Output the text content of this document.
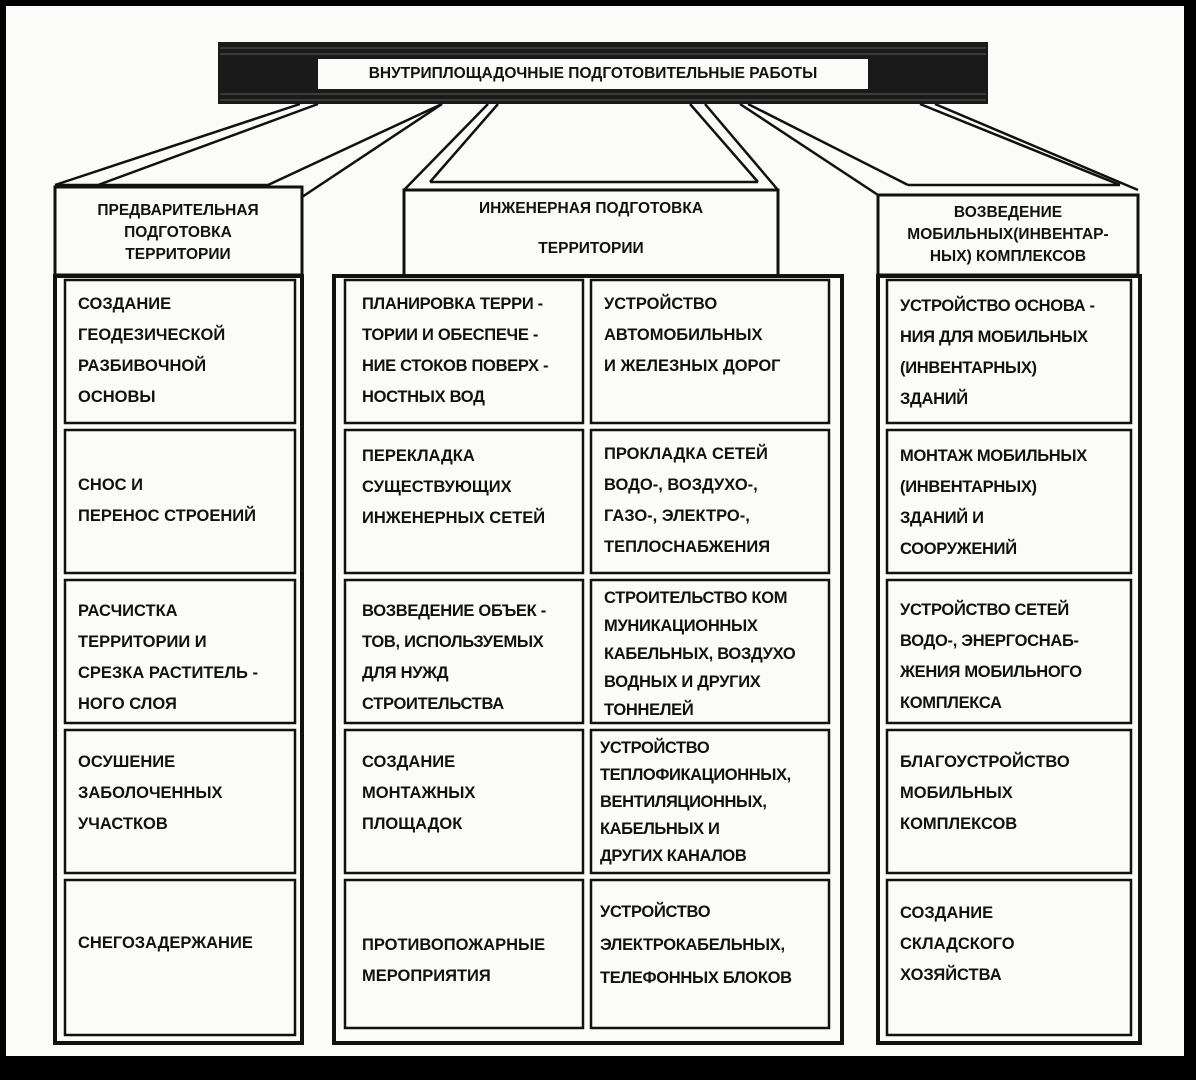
ВНУТРИПЛОЩАДОЧНЫЕ ПОДГОТОВИТЕЛЬНЫЕ РАБОТЫ
ПРЕДВАРИТЕЛЬНАЯ
ПОДГОТОВКА
ТЕРРИТОРИИ
ИНЖЕНЕРНАЯ ПОДГОТОВКА

ТЕРРИТОРИИ
ВОЗВЕДЕНИЕ
МОБИЛЬНЫХ(ИНВЕНТАР-
НЫХ) КОМПЛЕКСОВ
СОЗДАНИЕ
ГЕОДЕЗИЧЕСКОЙ
РАЗБИВОЧНОЙ
ОСНОВЫ
СНОС И
ПЕРЕНОС СТРОЕНИЙ
РАСЧИСТКА
ТЕРРИТОРИИ И
СРЕЗКА РАСТИТЕЛЬ -
НОГО СЛОЯ
ОСУШЕНИЕ
ЗАБОЛОЧЕННЫХ
УЧАСТКОВ
СНЕГОЗАДЕРЖАНИЕ
ПЛАНИРОВКА ТЕРРИ -
ТОРИИ И ОБЕСПЕЧЕ -
НИЕ СТОКОВ ПОВЕРХ -
НОСТНЫХ ВОД
ПЕРЕКЛАДКА
СУЩЕСТВУЮЩИХ
ИНЖЕНЕРНЫХ СЕТЕЙ
ВОЗВЕДЕНИЕ ОБЪЕК -
ТОВ, ИСПОЛЬЗУЕМЫХ
ДЛЯ НУЖД
СТРОИТЕЛЬСТВА
СОЗДАНИЕ
МОНТАЖНЫХ
ПЛОЩАДОК
ПРОТИВОПОЖАРНЫЕ
МЕРОПРИЯТИЯ
УСТРОЙСТВО
АВТОМОБИЛЬНЫХ
И ЖЕЛЕЗНЫХ ДОРОГ
ПРОКЛАДКА СЕТЕЙ
ВОДО-, ВОЗДУХО-,
ГАЗО-, ЭЛЕКТРО-,
ТЕПЛОСНАБЖЕНИЯ
СТРОИТЕЛЬСТВО КОМ
МУНИКАЦИОННЫХ
КАБЕЛЬНЫХ, ВОЗДУХО
ВОДНЫХ И ДРУГИХ
ТОННЕЛЕЙ
УСТРОЙСТВО
ТЕПЛОФИКАЦИОННЫХ,
ВЕНТИЛЯЦИОННЫХ,
КАБЕЛЬНЫХ И
ДРУГИХ КАНАЛОВ
УСТРОЙСТВО
ЭЛЕКТРОКАБЕЛЬНЫХ,
ТЕЛЕФОННЫХ БЛОКОВ
УСТРОЙСТВО ОСНОВА -
НИЯ ДЛЯ МОБИЛЬНЫХ
(ИНВЕНТАРНЫХ)
ЗДАНИЙ
МОНТАЖ МОБИЛЬНЫХ
(ИНВЕНТАРНЫХ)
ЗДАНИЙ И
СООРУЖЕНИЙ
УСТРОЙСТВО СЕТЕЙ
ВОДО-, ЭНЕРГОСНАБ-
ЖЕНИЯ МОБИЛЬНОГО
КОМПЛЕКСА
БЛАГОУСТРОЙСТВО
МОБИЛЬНЫХ
КОМПЛЕКСОВ
СОЗДАНИЕ
СКЛАДСКОГО
ХОЗЯЙСТВА
